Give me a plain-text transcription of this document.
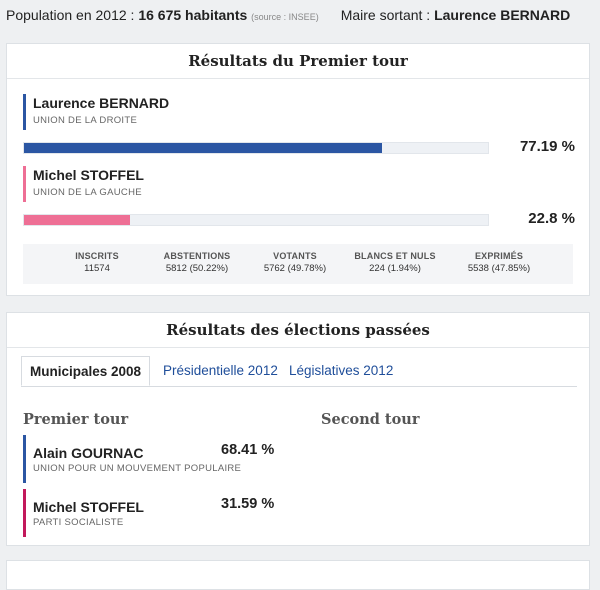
Population en 2012 : 16 675 habitants (source : INSEE) Maire sortant : Laurence BERNARD
Résultats du Premier tour
Laurence BERNARD
UNION DE LA DROITE
77.19 %
Michel STOFFEL
UNION DE LA GAUCHE
22.8 %
INSCRITS
11574
ABSTENTIONS
5812 (50.22%)
VOTANTS
5762 (49.78%)
BLANCS ET NULS
224 (1.94%)
EXPRIMÉS
5538 (47.85%)
Résultats des élections passées
Municipales 2008	Présidentielle 2012 Législatives 2012
Premier tour	Second tour
Alain GOURNAC
UNION POUR UN MOUVEMENT POPULAIRE
68.41 %
Michel STOFFEL
PARTI SOCIALISTE
31.59 %
